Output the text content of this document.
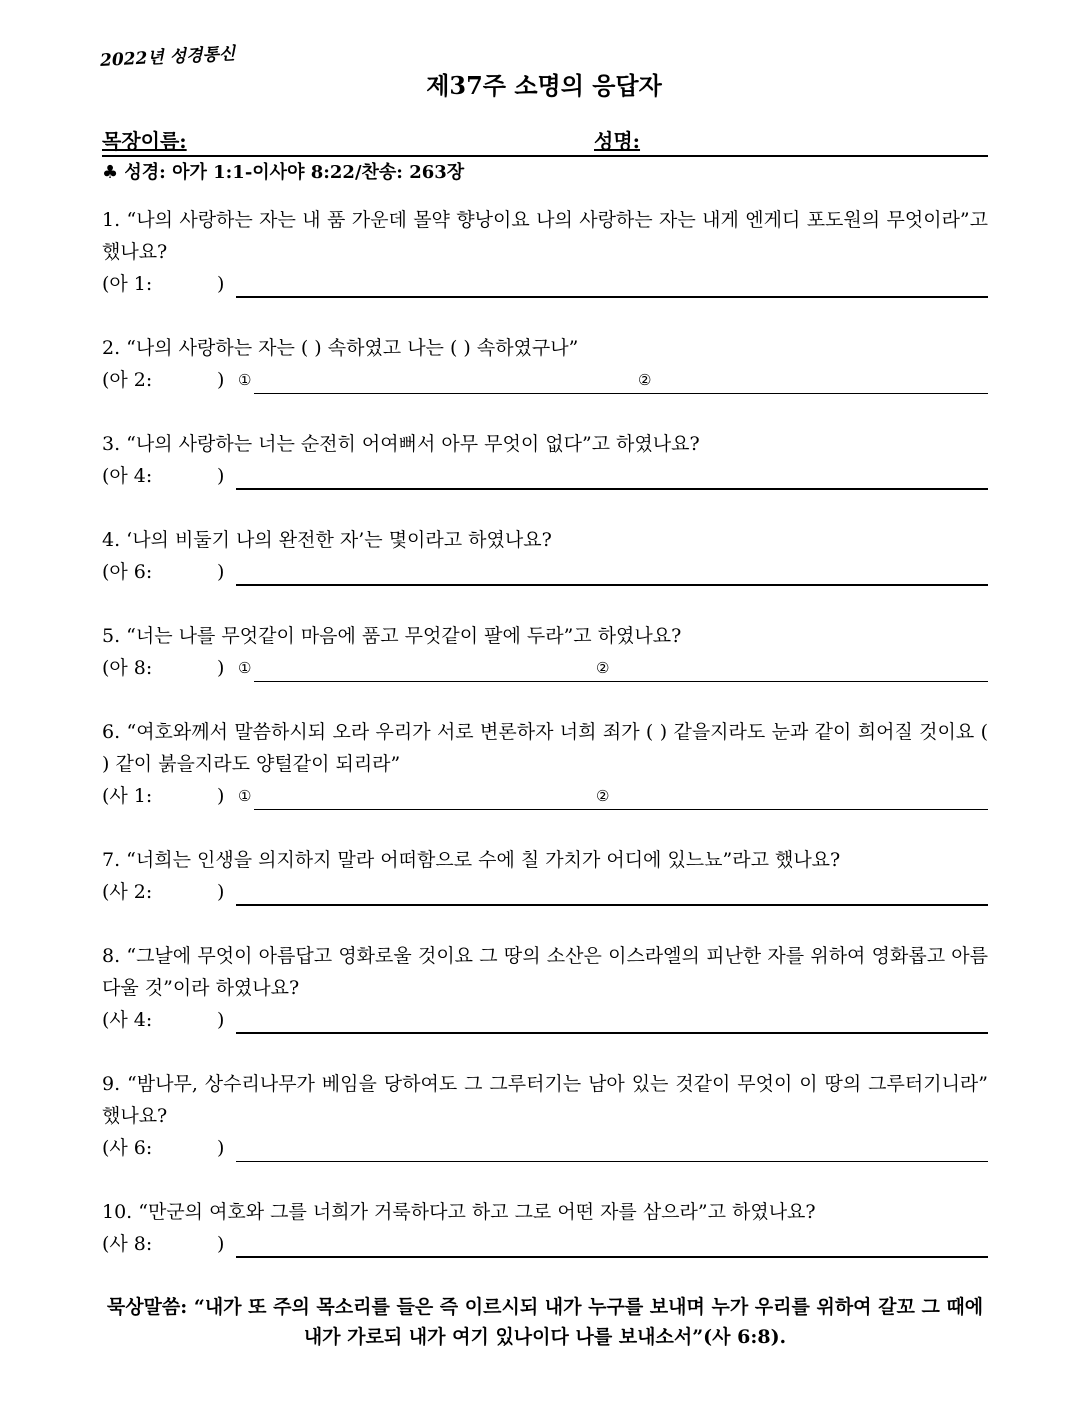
2022년 성경통신
제37주 소명의 응답자
목장이름:	성명:
♣ 성경: 아가 1:1-이사야 8:22/찬송: 263장
1. “나의 사랑하는 자는 내 품 가운데 몰약 향낭이요 나의 사랑하는 자는 내게 엔게디 포도원의 무엇이라”고 했나요?
(아 1:	)
2. “나의 사랑하는 자는 ( ) 속하였고 나는 ( ) 속하였구나”
(아 2:	) ①	②
3. “나의 사랑하는 너는 순전히 어여뻐서 아무 무엇이 없다”고 하였나요?
(아 4:	)
4. ‘나의 비둘기 나의 완전한 자’는 몇이라고 하였나요?
(아 6:	)
5. “너는 나를 무엇같이 마음에 품고 무엇같이 팔에 두라”고 하였나요?
(아 8:	) ①	②
6. “여호와께서 말씀하시되 오라 우리가 서로 변론하자 너희 죄가 ( ) 같을지라도 눈과 같이 희어질 것이요 ( ) 같이 붉을지라도 양털같이 되리라”
(사 1:	) ①	②
7. “너희는 인생을 의지하지 말라 어떠함으로 수에 칠 가치가 어디에 있느뇨”라고 했나요?
(사 2:	)
8. “그날에 무엇이 아름답고 영화로울 것이요 그 땅의 소산은 이스라엘의 피난한 자를 위하여 영화롭고 아름다울 것”이라 하였나요?
(사 4:	)
9. “밤나무, 상수리나무가 베임을 당하여도 그 그루터기는 남아 있는 것같이 무엇이 이 땅의 그루터기니라” 했나요?
(사 6:	)
10. “만군의 여호와 그를 너희가 거룩하다고 하고 그로 어떤 자를 삼으라”고 하였나요?
(사 8:	)
묵상말씀: “내가 또 주의 목소리를 들은 즉 이르시되 내가 누구를 보내며 누가 우리를 위하여 갈꼬 그 때에 내가 가로되 내가 여기 있나이다 나를 보내소서”(사 6:8).
